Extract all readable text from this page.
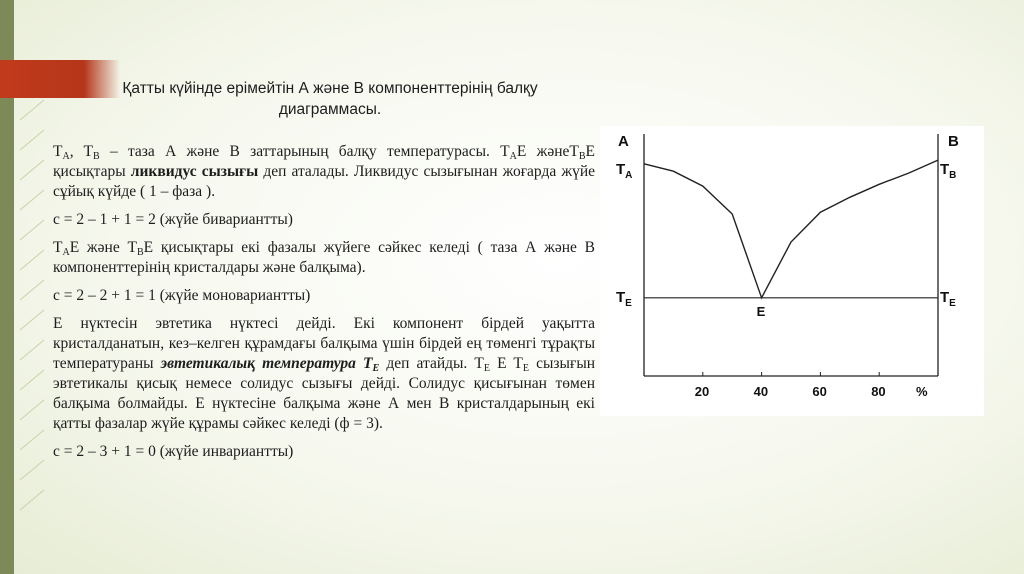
Қатты күйінде ерімейтін А және В компоненттерінің балқу
диаграммасы.

$T_A$, $T_B$ – таза А және В заттарының балқу температурасы. $T_AE$ жәнеT$_B$E қисықтары ликвидус сызығы деп аталады. Ликвидус сызығынан жоғарда жүйе сұйық күйде ( 1 – фаза ).

с = 2 – 1 + 1 = 2 (жүйе бивариантты)

$T_AE$ және $T_BE$ қисықтары екі фазалы жүйеге сәйкес келеді ( таза А және В компоненттерінің кристалдары және балқыма).

с = 2 – 2 + 1 = 1 (жүйе моновариантты)

Е нүктесін эвтетика нүктесі дейді. Екі компонент бірдей уақытта кристалданатын, кез–келген құрамдағы балқыма үшін бірдей ең төменгі тұрақты температураны эвтетикалық температура $T_E$ деп атайды. $T_E$ E $T_E$ сызығын эвтетикалы қисық немесе солидус сызығы дейді. Солидус қисығынан төмен балқыма болмайды. Е нүктесіне балқыма және А мен В кристалдарының екі қатты фазалар жүйе құрамы сәйкес келеді (ф = 3).

с = 2 – 3 + 1 = 0 (жүйе инвариантты)

20	40	60	80 %
A	B
$T_A$	$T_B$
$T_E$	$T_E$
E
